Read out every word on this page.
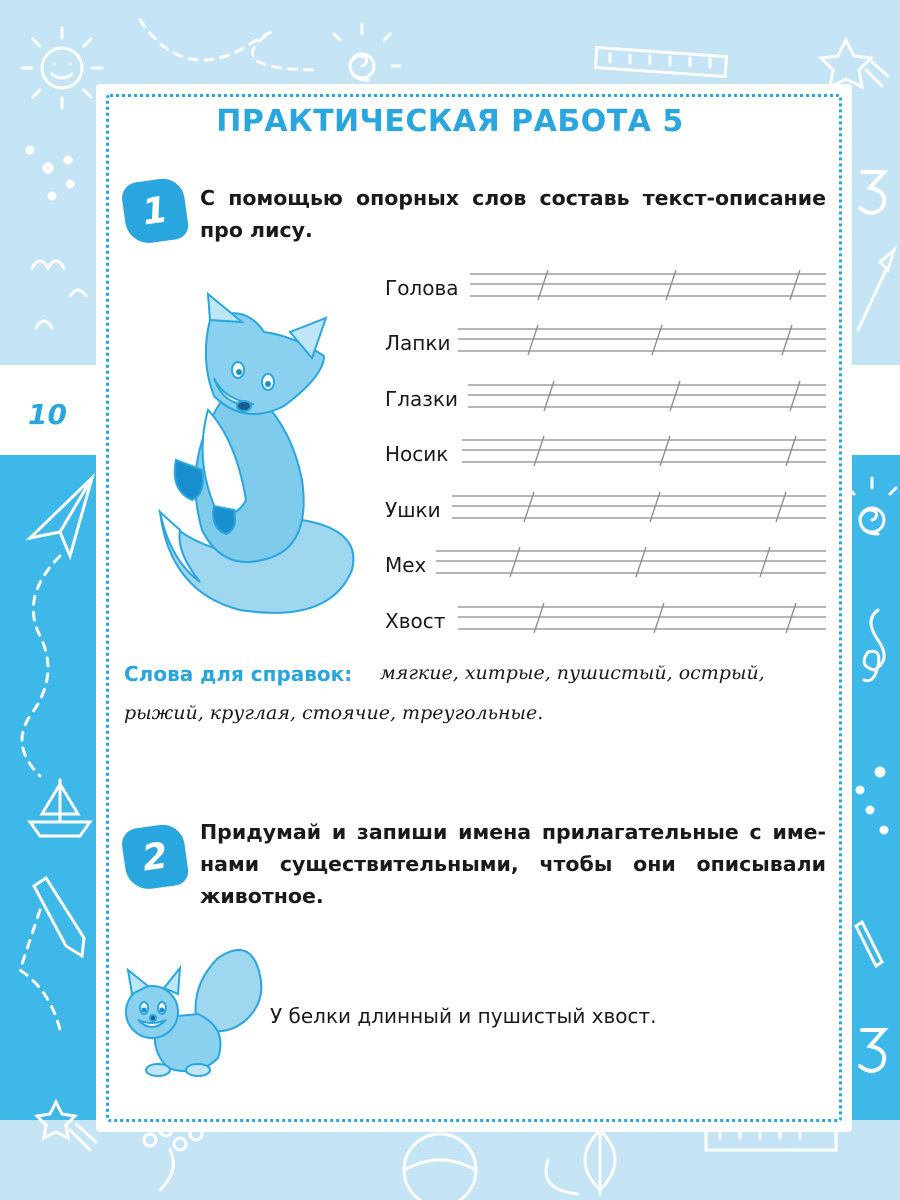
10
ПРАКТИЧЕСКАЯ РАБОТА 5
1 С помощью опорных слов составь текст-описание
про лису.
Голова
Лапки
Глазки
Носик
Ушки
Мех
Хвост
Слова для справок: мягкие, хитрые, пушистый, острый,
рыжий, круглая, стоячие, треугольные.
2
Придумай и запиши имена прилагательные с име-
нами существительными, чтобы они описывали
животное.
У белки длинный и пушистый хвост.
